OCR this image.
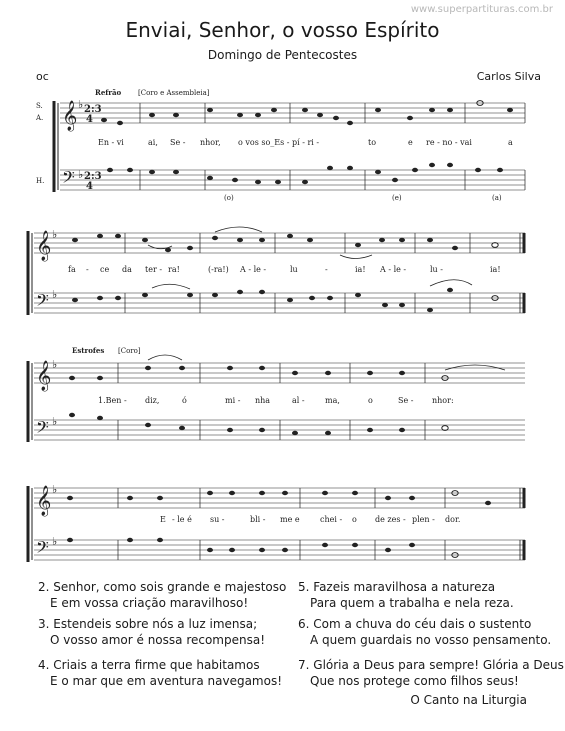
www.superpartituras.com.br
Enviai, Senhor, o vosso Espírito
Domingo de Pentecostes
oc	Carlos Silva
𝄞
𝄢
𝄞
𝄢
𝄞
𝄢
𝄞
𝄢
♭
♭
♭
♭
♭
♭
♭
♭
2:3
4
2:3
4
Refrão [Coro e Assembleia]
Estrofes [Coro]
S.
A.
H.
En - vi	ai, Se - nhor, o vos so_Es - pí - ri -	to	e re - no - vai	a
(o)	(e)	(a)
fa - ce da ter - ra!	(-ra!) A - le -	lu	-	ia! A - le -	lu -	ia!
1.Ben - diz,	ó	mi - nha	al -	ma,	o	Se - nhor:
E - le é su -	bli - me e	chei - o de zes - plen - dor.
2. Senhor, como sois grande e majestoso
E em vossa criação maravilhoso!
3. Estendeis sobre nós a luz imensa;
O vosso amor é nossa recompensa!
4. Criais a terra firme que habitamos
E o mar que em aventura navegamos!
5. Fazeis maravilhosa a natureza
Para quem a trabalha e nela reza.
6. Com a chuva do céu dais o sustento
A quem guardais no vosso pensamento.
7. Glória a Deus para sempre! Glória a Deus
Que nos protege como filhos seus!
O Canto na Liturgia
